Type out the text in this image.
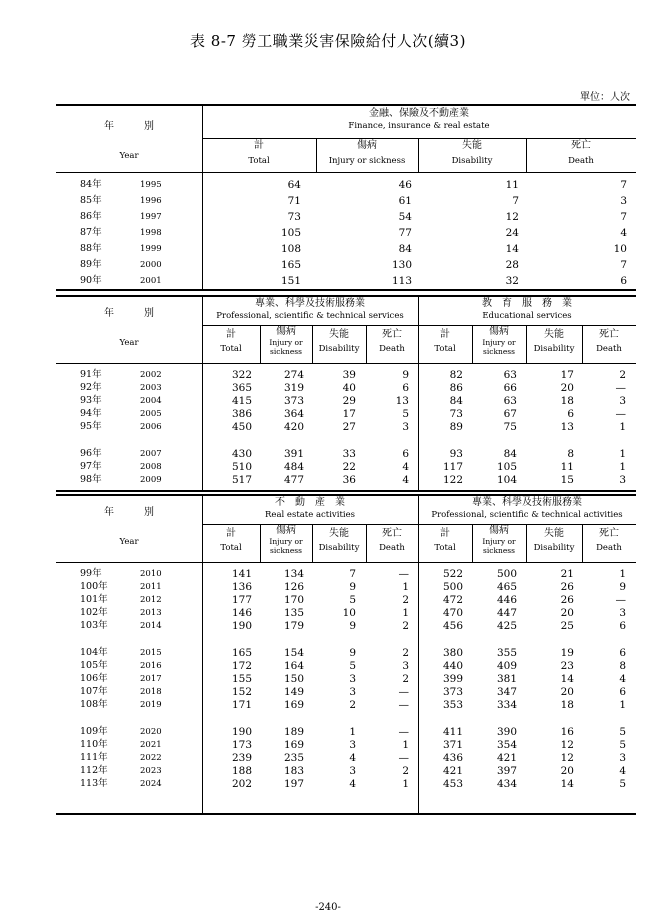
表 8-7 勞工職業災害保險給付人次(續3)
單位：人次
年　　　別
Year
金融、保險及不動產業
Finance, insurance & real estate
計
Total
傷病
Injury or sickness
失能
Disability
死亡
Death
84年	1995	64	46	11	7
85年	1996	71	61	7	3
86年	1997	73	54	12	7
87年	1998	105	77	24	4
88年	1999	108	84	14	10
89年	2000	165	130	28	7
90年	2001	151	113	32	6
年　　　別
Year
專業、科學及技術服務業
Professional, scientific & technical services
教　育　服　務　業
Educational services
計
Total
傷病
Injury or
sickness
失能
Disability
死亡
Death
計
Total
傷病
Injury or
sickness
失能
Disability
死亡
Death
91年	2002	322	274	39	9	82	63	17	2
92年	2003	365	319	40	6	86	66	20	—
93年	2004	415	373	29	13	84	63	18	3
94年	2005	386	364	17	5	73	67	6	—
95年	2006	450	420	27	3	89	75	13	1
96年	2007	430	391	33	6	93	84	8	1
97年	2008	510	484	22	4	117	105	11	1
98年	2009	517	477	36	4	122	104	15	3
年　　　別
Year
不　動　產　業
Real estate activities
專業、科學及技術服務業
Professional, scientific & technical activities
計
Total
傷病
Injury or
sickness
失能
Disability
死亡
Death
計
Total
傷病
Injury or
sickness
失能
Disability
死亡
Death
99年	2010	141	134	7	—	522	500	21	1
100年	2011	136	126	9	1	500	465	26	9
101年	2012	177	170	5	2	472	446	26	—
102年	2013	146	135	10	1	470	447	20	3
103年	2014	190	179	9	2	456	425	25	6
104年	2015	165	154	9	2	380	355	19	6
105年	2016	172	164	5	3	440	409	23	8
106年	2017	155	150	3	2	399	381	14	4
107年	2018	152	149	3	—	373	347	20	6
108年	2019	171	169	2	—	353	334	18	1
109年	2020	190	189	1	—	411	390	16	5
110年	2021	173	169	3	1	371	354	12	5
111年	2022	239	235	4	—	436	421	12	3
112年	2023	188	183	3	2	421	397	20	4
113年	2024	202	197	4	1	453	434	14	5
-240-
